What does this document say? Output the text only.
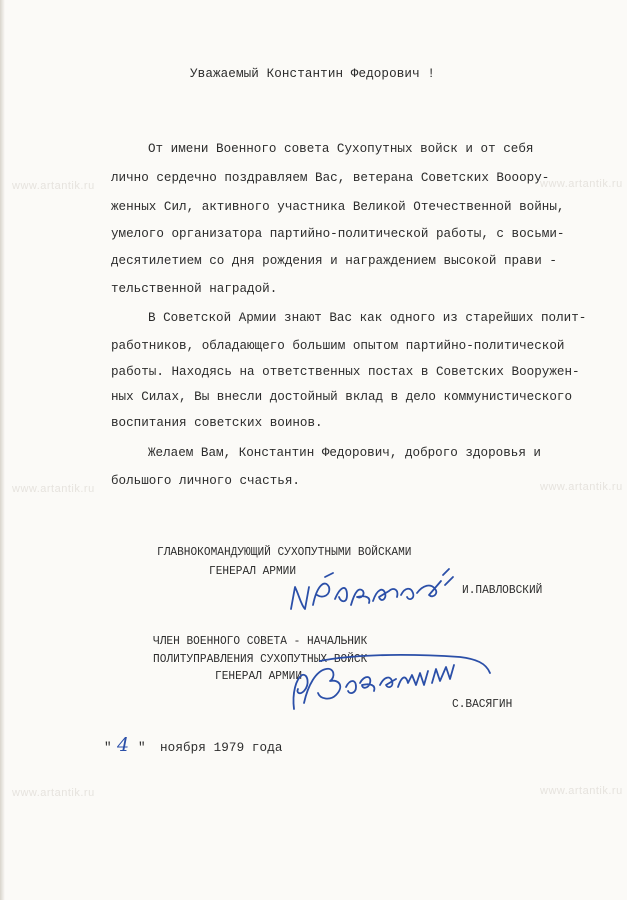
www.artantik.ru	www.artantik.ru

www.artantik.ru	www.artantik.ru

www.artantik.ru	www.artantik.ru

Уважаемый Константин Федорович !

От имени Военного совета Сухопутных войск и от себя

лично сердечно поздравляем Вас, ветерана Советских Вооору-

женных Сил, активного участника Великой Отечественной войны,

умелого организатора партийно-политической работы, с восьми-

десятилетием со дня рождения и награждением высокой прави -

тельственной наградой.

В Советской Армии знают Вас как одного из старейших полит-

работников, обладающего большим опытом партийно-политической

работы. Находясь на ответственных постах в Советских Вооружен-

ных Силах, Вы внесли достойный вклад в дело коммунистического

воспитания советских воинов.

Желаем Вам, Константин Федорович, доброго здоровья и

большого личного счастья.

ГЛАВНОКОМАНДУЮЩИЙ СУХОПУТНЫМИ ВОЙСКАМИ

ГЕНЕРАЛ АРМИИ

И.ПАВЛОВСКИЙ

ЧЛЕН ВОЕННОГО СОВЕТА - НАЧАЛЬНИК

ПОЛИТУПРАВЛЕНИЯ СУХОПУТНЫХ ВОЙСК

ГЕНЕРАЛ АРМИИ

С.ВАСЯГИН

" 4 " ноября 1979 года
